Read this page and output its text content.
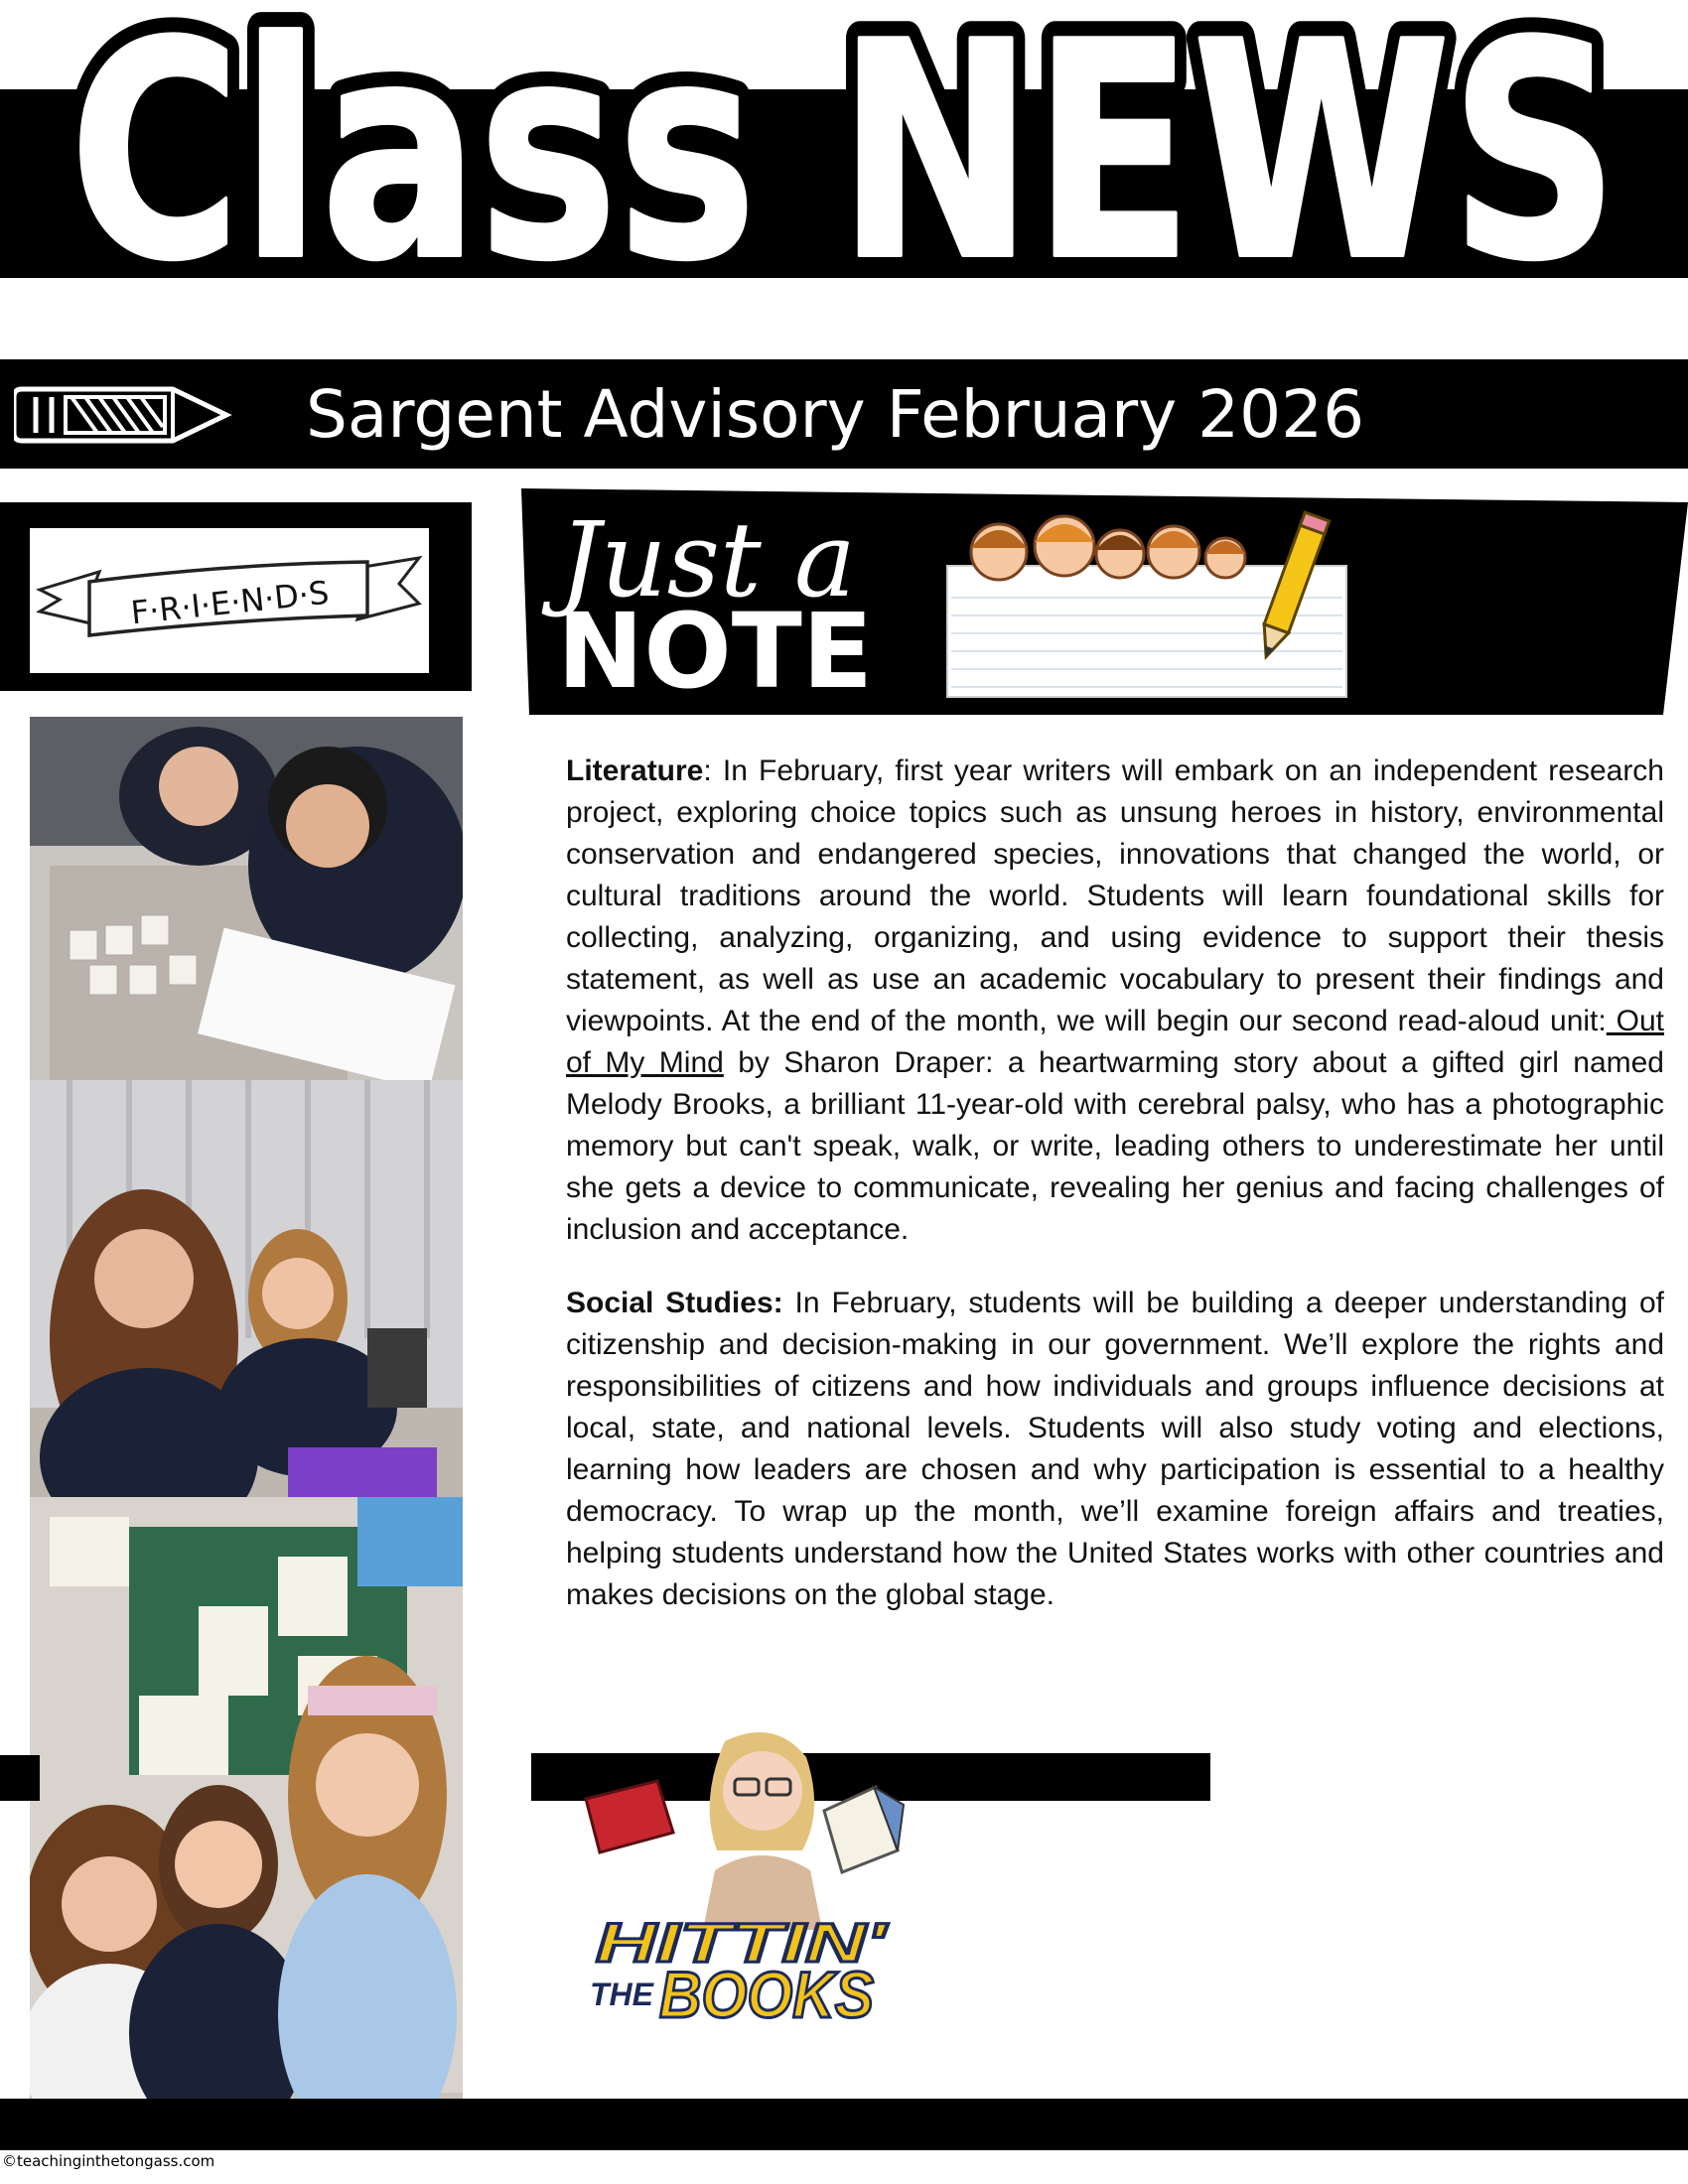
Class NEWS
Class NEWS
Sargent Advisory February 2026
F·R·I·E·N·D·S Just a
NOTE

Literature: In February, first year writers will embark on an independent research project, exploring choice topics such as unsung heroes in history, environmental conservation and endangered species, innovations that changed the world, or cultural traditions around the world. Students will learn foundational skills for collecting, analyzing, organizing, and using evidence to support their thesis statement, as well as use an academic vocabulary to present their findings and viewpoints. At the end of the month, we will begin our second read-aloud unit: Out of My Mind by Sharon Draper: a heartwarming story about a gifted girl named Melody Brooks, a brilliant 11-year-old with cerebral palsy, who has a photographic memory but can't speak, walk, or write, leading others to underestimate her until she gets a device to communicate, revealing her genius and facing challenges of inclusion and acceptance.

Social Studies: In February, students will be building a deeper understanding of citizenship and decision-making in our government. We’ll explore the rights and responsibilities of citizens and how individuals and groups influence decisions at local, state, and national levels. Students will also study voting and elections, learning how leaders are chosen and why participation is essential to a healthy democracy. To wrap up the month, we’ll examine foreign affairs and treaties, helping students understand how the United States works with other countries and makes decisions on the global stage.

HITTIN'
THE BOOKS
©teachinginthetongass.com
